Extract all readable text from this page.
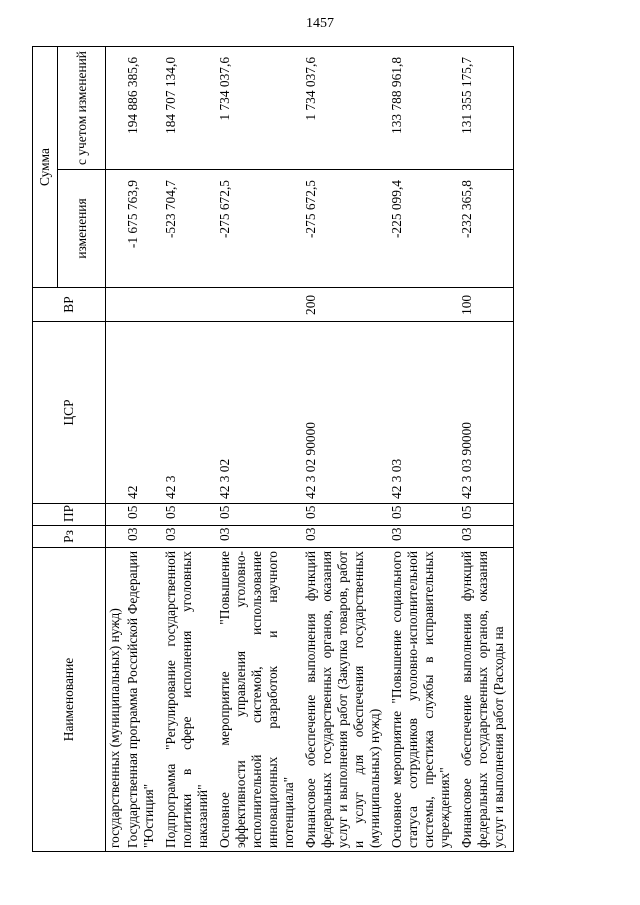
1457
Наименование	Рз	ПР	ЦСР	ВР	Сумма	
					изменения	с учетом изменений
государственных (муниципальных) нужд)						
Государственная программа Российской Федерации "Юстиция"	03	05	42		-1 675 763,9	194 886 385,6
Подпрограмма "Регулирование государственной политики в сфере исполнения уголовных наказаний"	03	05	42 3		-523 704,7	184 707 134,0
Основное мероприятие "Повышение эффективности управления уголовно-исполнительной системой, использование инновационных разработок и научного потенциала"	03	05	42 3 02		-275 672,5	1 734 037,6
Финансовое обеспечение выполнения функций федеральных государственных органов, оказания услуг и выполнения работ (Закупка товаров, работ и услуг для обеспечения государственных (муниципальных) нужд)	03	05	42 3 02 90000	200	-275 672,5	1 734 037,6
Основное мероприятие "Повышение социального статуса сотрудников уголовно-исполнительной системы, престижа службы в исправительных учреждениях"	03	05	42 3 03		-225 099,4	133 788 961,8
Финансовое обеспечение выполнения функций федеральных государственных органов, оказания услуг и выполнения работ (Расходы на	03	05	42 3 03 90000	100	-232 365,8	131 355 175,7
